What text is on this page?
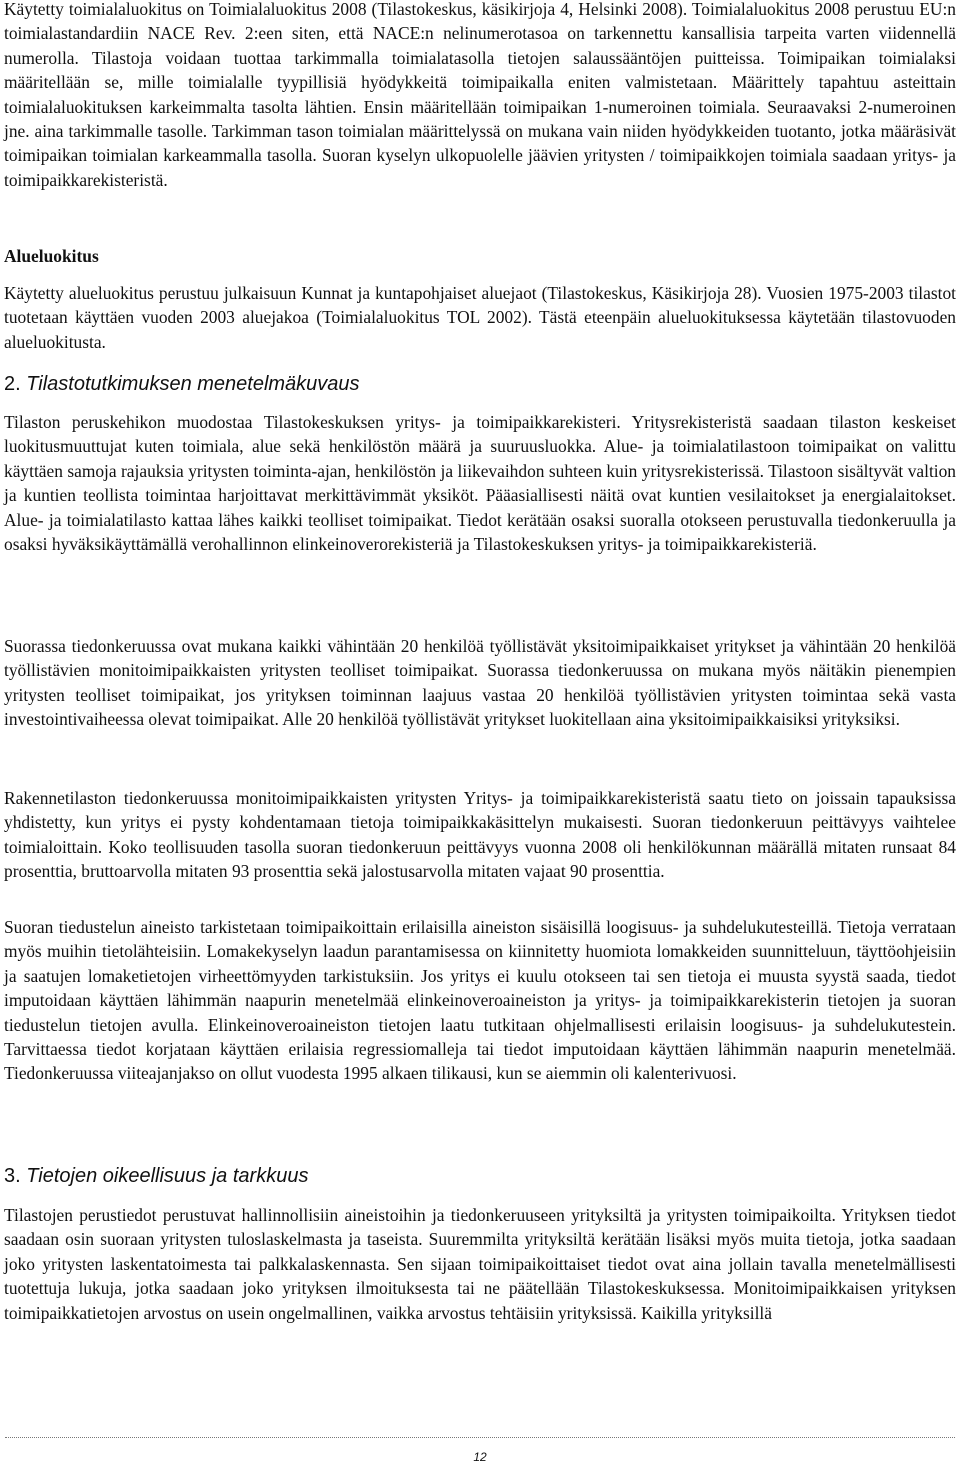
Käytetty toimialaluokitus on Toimialaluokitus 2008 (Tilastokeskus, käsikirjoja 4, Helsinki 2008). Toimialaluokitus 2008 perustuu EU:n toimialastandardiin NACE Rev. 2:een siten, että NACE:n nelinumerotasoa on tarkennettu kansallisia tarpeita varten viidennellä numerolla. Tilastoja voidaan tuottaa tarkimmalla toimialatasolla tietojen salaussääntöjen puitteissa. Toimipaikan toimialaksi määritellään se, mille toimialalle tyypillisiä hyödykkeitä toimipaikalla eniten valmistetaan. Määrittely tapahtuu asteittain toimialaluokituksen karkeimmalta tasolta lähtien. Ensin määritellään toimipaikan 1-numeroinen toimiala. Seuraavaksi 2-numeroinen jne. aina tarkimmalle tasolle. Tarkimman tason toimialan määrittelyssä on mukana vain niiden hyödykkeiden tuotanto, jotka määräsivät toimipaikan toimialan karkeammalla tasolla. Suoran kyselyn ulkopuolelle jäävien yritysten / toimipaikkojen toimiala saadaan yritys- ja toimipaikkarekisteristä.

Alueluokitus

Käytetty alueluokitus perustuu julkaisuun Kunnat ja kuntapohjaiset aluejaot (Tilastokeskus, Käsikirjoja 28). Vuosien 1975-2003 tilastot tuotetaan käyttäen vuoden 2003 aluejakoa (Toimialaluokitus TOL 2002). Tästä eteenpäin alueluokituksessa käytetään tilastovuoden alueluokitusta.

2. Tilastotutkimuksen menetelmäkuvaus

Tilaston peruskehikon muodostaa Tilastokeskuksen yritys- ja toimipaikkarekisteri. Yritysrekisteristä saadaan tilaston keskeiset luokitusmuuttujat kuten toimiala, alue sekä henkilöstön määrä ja suuruusluokka. Alue- ja toimialatilastoon toimipaikat on valittu käyttäen samoja rajauksia yritysten toiminta-ajan, henkilöstön ja liikevaihdon suhteen kuin yritysrekisterissä. Tilastoon sisältyvät valtion ja kuntien teollista toimintaa harjoittavat merkittävimmät yksiköt. Pääasiallisesti näitä ovat kuntien vesilaitokset ja energialaitokset. Alue- ja toimialatilasto kattaa lähes kaikki teolliset toimipaikat. Tiedot kerätään osaksi suoralla otokseen perustuvalla tiedonkeruulla ja osaksi hyväksikäyttämällä verohallinnon elinkeinoverorekisteriä ja Tilastokeskuksen yritys- ja toimipaikkarekisteriä.

Suorassa tiedonkeruussa ovat mukana kaikki vähintään 20 henkilöä työllistävät yksitoimipaikkaiset yritykset ja vähintään 20 henkilöä työllistävien monitoimipaikkaisten yritysten teolliset toimipaikat. Suorassa tiedonkeruussa on mukana myös näitäkin pienempien yritysten teolliset toimipaikat, jos yrityksen toiminnan laajuus vastaa 20 henkilöä työllistävien yritysten toimintaa sekä vasta investointivaiheessa olevat toimipaikat. Alle 20 henkilöä työllistävät yritykset luokitellaan aina yksitoimipaikkaisiksi yrityksiksi.

Rakennetilaston tiedonkeruussa monitoimipaikkaisten yritysten Yritys- ja toimipaikkarekisteristä saatu tieto on joissain tapauksissa yhdistetty, kun yritys ei pysty kohdentamaan tietoja toimipaikkakäsittelyn mukaisesti. Suoran tiedonkeruun peittävyys vaihtelee toimialoittain. Koko teollisuuden tasolla suoran tiedonkeruun peittävyys vuonna 2008 oli henkilökunnan määrällä mitaten runsaat 84 prosenttia, bruttoarvolla mitaten 93 prosenttia sekä jalostusarvolla mitaten vajaat 90 prosenttia.

Suoran tiedustelun aineisto tarkistetaan toimipaikoittain erilaisilla aineiston sisäisillä loogisuus- ja suhdelukutesteillä. Tietoja verrataan myös muihin tietolähteisiin. Lomakekyselyn laadun parantamisessa on kiinnitetty huomiota lomakkeiden suunnitteluun, täyttöohjeisiin ja saatujen lomaketietojen virheettömyyden tarkistuksiin. Jos yritys ei kuulu otokseen tai sen tietoja ei muusta syystä saada, tiedot imputoidaan käyttäen lähimmän naapurin menetelmää elinkeinoveroaineiston ja yritys- ja toimipaikkarekisterin tietojen ja suoran tiedustelun tietojen avulla. Elinkeinoveroaineiston tietojen laatu tutkitaan ohjelmallisesti erilaisin loogisuus- ja suhdelukutestein. Tarvittaessa tiedot korjataan käyttäen erilaisia regressiomalleja tai tiedot imputoidaan käyttäen lähimmän naapurin menetelmää. Tiedonkeruussa viiteajanjakso on ollut vuodesta 1995 alkaen tilikausi, kun se aiemmin oli kalenterivuosi.

3. Tietojen oikeellisuus ja tarkkuus

Tilastojen perustiedot perustuvat hallinnollisiin aineistoihin ja tiedonkeruuseen yrityksiltä ja yritysten toimipaikoilta. Yrityksen tiedot saadaan osin suoraan yritysten tuloslaskelmasta ja taseista. Suuremmilta yrityksiltä kerätään lisäksi myös muita tietoja, jotka saadaan joko yritysten laskentatoimesta tai palkkalaskennasta. Sen sijaan toimipaikoittaiset tiedot ovat aina jollain tavalla menetelmällisesti tuotettuja lukuja, jotka saadaan joko yrityksen ilmoituksesta tai ne päätellään Tilastokeskuksessa. Monitoimipaikkaisen yrityksen toimipaikkatietojen arvostus on usein ongelmallinen, vaikka arvostus tehtäisiin yrityksissä. Kaikilla yrityksillä

12
